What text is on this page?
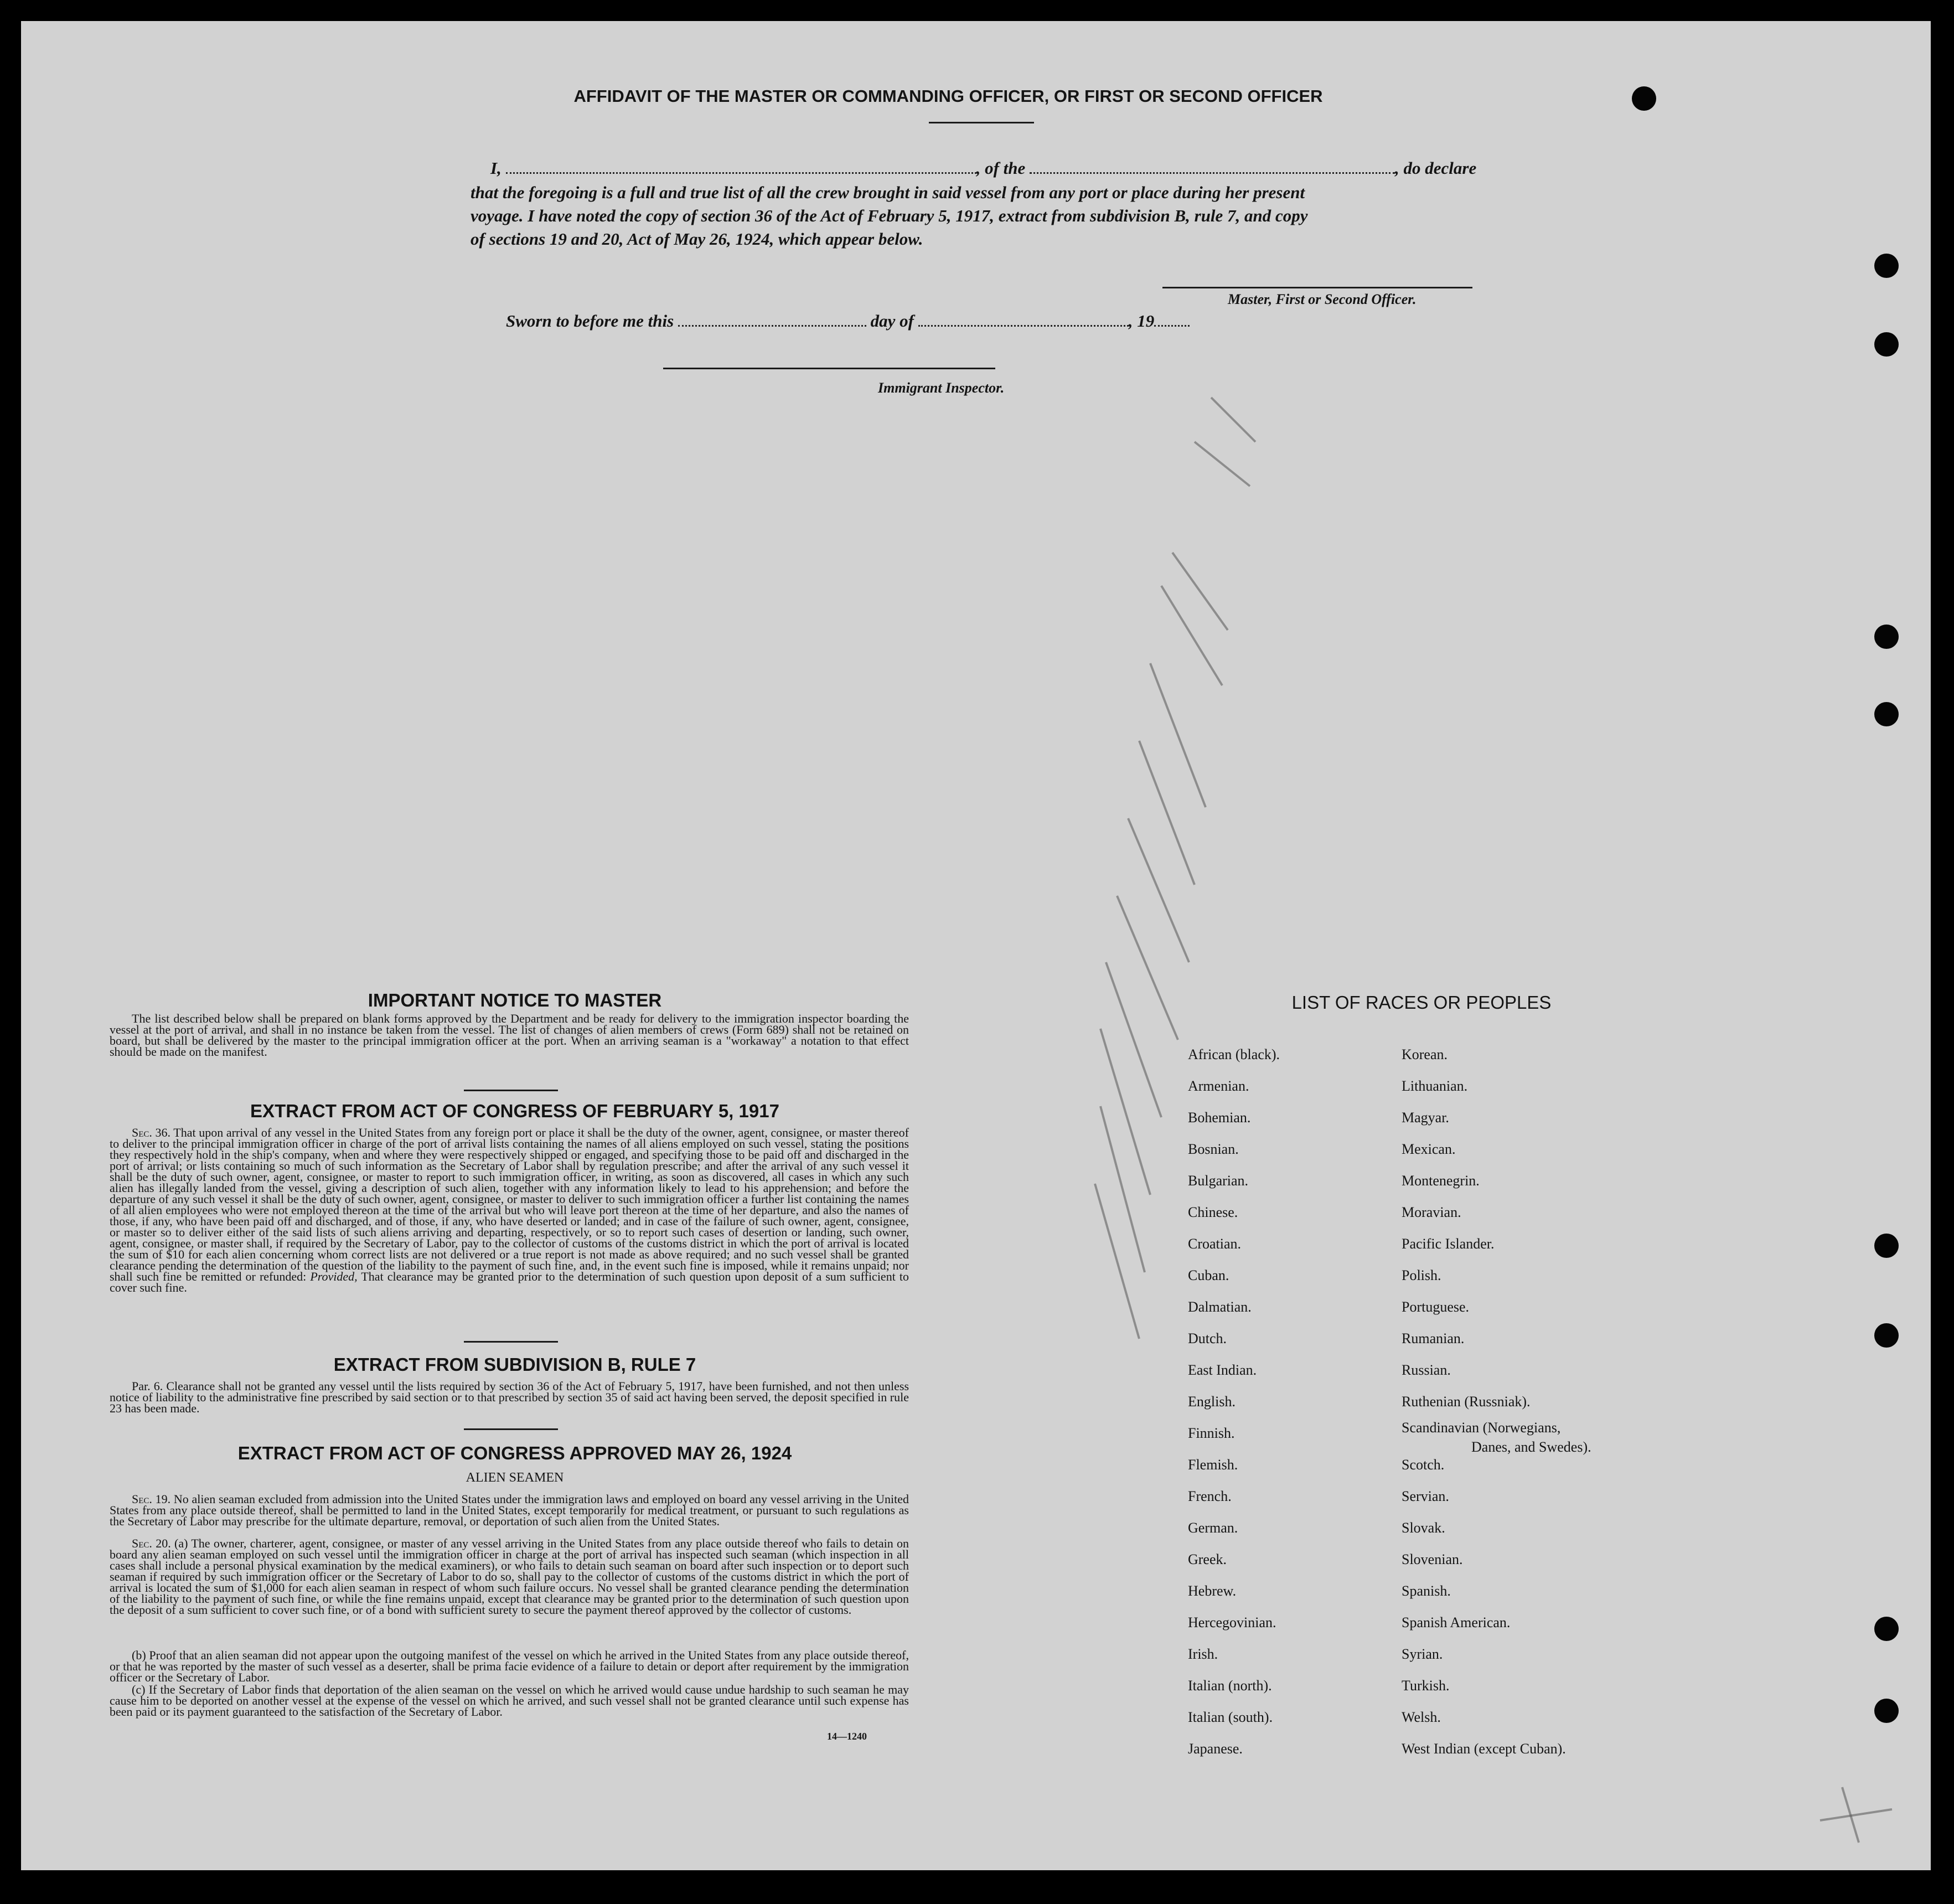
AFFIDAVIT OF THE MASTER OR COMMANDING OFFICER, OR FIRST OR SECOND OFFICER
I,	, of the	, do declare
that the foregoing is a full and true list of all the crew brought in said vessel from any port or place during her present
voyage. I have noted the copy of section 36 of the Act of February 5, 1917, extract from subdivision B, rule 7, and copy
of sections 19 and 20, Act of May 26, 1924, which appear below.
Master, First or Second Officer.
Sworn to before me this	day of	, 19
Immigrant Inspector.
IMPORTANT NOTICE TO MASTER
The list described below shall be prepared on blank forms approved by the Department and be ready for delivery to the immigration inspector boarding the vessel at the port of arrival, and shall in no instance be taken from the vessel. The list of changes of alien members of crews (Form 689) shall not be retained on board, but shall be delivered by the master to the principal immigration officer at the port. When an arriving seaman is a "workaway" a notation to that effect should be made on the manifest.
EXTRACT FROM ACT OF CONGRESS OF FEBRUARY 5, 1917
Sec. 36. That upon arrival of any vessel in the United States from any foreign port or place it shall be the duty of the owner, agent, consignee, or master thereof to deliver to the principal immigration officer in charge of the port of arrival lists containing the names of all aliens employed on such vessel, stating the positions they respectively hold in the ship's company, when and where they were respectively shipped or engaged, and specifying those to be paid off and discharged in the port of arrival; or lists containing so much of such information as the Secretary of Labor shall by regulation prescribe; and after the arrival of any such vessel it shall be the duty of such owner, agent, consignee, or master to report to such immigration officer, in writing, as soon as discovered, all cases in which any such alien has illegally landed from the vessel, giving a description of such alien, together with any information likely to lead to his apprehension; and before the departure of any such vessel it shall be the duty of such owner, agent, consignee, or master to deliver to such immigration officer a further list containing the names of all alien employees who were not employed thereon at the time of the arrival but who will leave port thereon at the time of her departure, and also the names of those, if any, who have been paid off and discharged, and of those, if any, who have deserted or landed; and in case of the failure of such owner, agent, consignee, or master so to deliver either of the said lists of such aliens arriving and departing, respectively, or so to report such cases of desertion or landing, such owner, agent, consignee, or master shall, if required by the Secretary of Labor, pay to the collector of customs of the customs district in which the port of arrival is located the sum of $10 for each alien concerning whom correct lists are not delivered or a true report is not made as above required; and no such vessel shall be granted clearance pending the determination of the question of the liability to the payment of such fine, and, in the event such fine is imposed, while it remains unpaid; nor shall such fine be remitted or refunded: Provided, That clearance may be granted prior to the determination of such question upon deposit of a sum sufficient to cover such fine.
EXTRACT FROM SUBDIVISION B, RULE 7
Par. 6. Clearance shall not be granted any vessel until the lists required by section 36 of the Act of February 5, 1917, have been furnished, and not then unless notice of liability to the administrative fine prescribed by said section or to that prescribed by section 35 of said act having been served, the deposit specified in rule 23 has been made.
EXTRACT FROM ACT OF CONGRESS APPROVED MAY 26, 1924
ALIEN SEAMEN
Sec. 19. No alien seaman excluded from admission into the United States under the immigration laws and employed on board any vessel arriving in the United States from any place outside thereof, shall be permitted to land in the United States, except temporarily for medical treatment, or pursuant to such regulations as the Secretary of Labor may prescribe for the ultimate departure, removal, or deportation of such alien from the United States.
Sec. 20. (a) The owner, charterer, agent, consignee, or master of any vessel arriving in the United States from any place outside thereof who fails to detain on board any alien seaman employed on such vessel until the immigration officer in charge at the port of arrival has inspected such seaman (which inspection in all cases shall include a personal physical examination by the medical examiners), or who fails to detain such seaman on board after such inspection or to deport such seaman if required by such immigration officer or the Secretary of Labor to do so, shall pay to the collector of customs of the customs district in which the port of arrival is located the sum of $1,000 for each alien seaman in respect of whom such failure occurs. No vessel shall be granted clearance pending the determination of the liability to the payment of such fine, or while the fine remains unpaid, except that clearance may be granted prior to the determination of such question upon the deposit of a sum sufficient to cover such fine, or of a bond with sufficient surety to secure the payment thereof approved by the collector of customs.
(b) Proof that an alien seaman did not appear upon the outgoing manifest of the vessel on which he arrived in the United States from any place outside thereof, or that he was reported by the master of such vessel as a deserter, shall be prima facie evidence of a failure to detain or deport after requirement by the immigration officer or the Secretary of Labor.
(c) If the Secretary of Labor finds that deportation of the alien seaman on the vessel on which he arrived would cause undue hardship to such seaman he may cause him to be deported on another vessel at the expense of the vessel on which he arrived, and such vessel shall not be granted clearance until such expense has been paid or its payment guaranteed to the satisfaction of the Secretary of Labor.
14—1240
LIST OF RACES OR PEOPLES
Danes, and Swedes).
African (black).
Armenian.
Bohemian.
Bosnian.
Bulgarian.
Chinese.
Croatian.
Cuban.
Dalmatian.
Dutch.
East Indian.
English.
Finnish.
Flemish.
French.
German.
Greek.
Hebrew.
Hercegovinian.
Irish.
Italian (north).
Italian (south).
Japanese.
Korean.
Lithuanian.
Magyar.
Mexican.
Montenegrin.
Moravian.
Pacific Islander.
Polish.
Portuguese.
Rumanian.
Russian.
Ruthenian (Russniak).
Scandinavian (Norwegians,
Scotch.
Servian.
Slovak.
Slovenian.
Spanish.
Spanish American.
Syrian.
Turkish.
Welsh.
West Indian (except Cuban).
